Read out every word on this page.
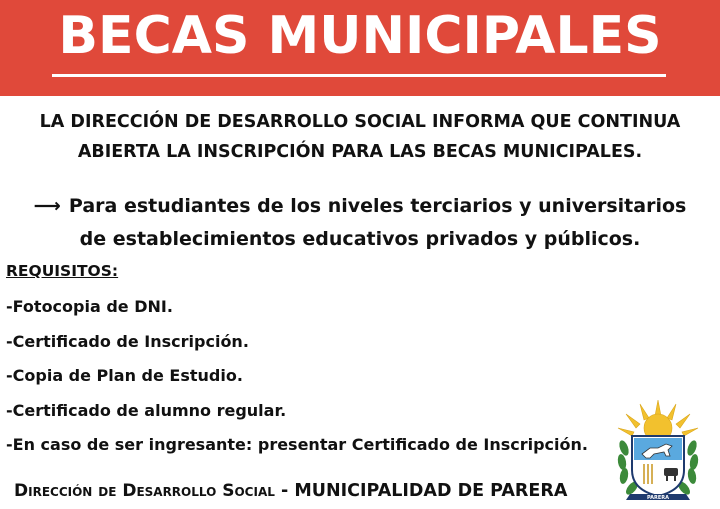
BECAS MUNICIPALES
LA DIRECCIÓN DE DESARROLLO SOCIAL INFORMA QUE CONTINUA
ABIERTA LA INSCRIPCIÓN PARA LAS BECAS MUNICIPALES.
⟶ Para estudiantes de los niveles terciarios y universitarios
de establecimientos educativos privados y públicos.
REQUISITOS:
-Fotocopia de DNI.
-Certificado de Inscripción.
-Copia de Plan de Estudio.
-Certificado de alumno regular.
-En caso de ser ingresante: presentar Certificado de Inscripción.
Dirección de Desarrollo Social - MUNICIPALIDAD DE PARERA	PARERA
